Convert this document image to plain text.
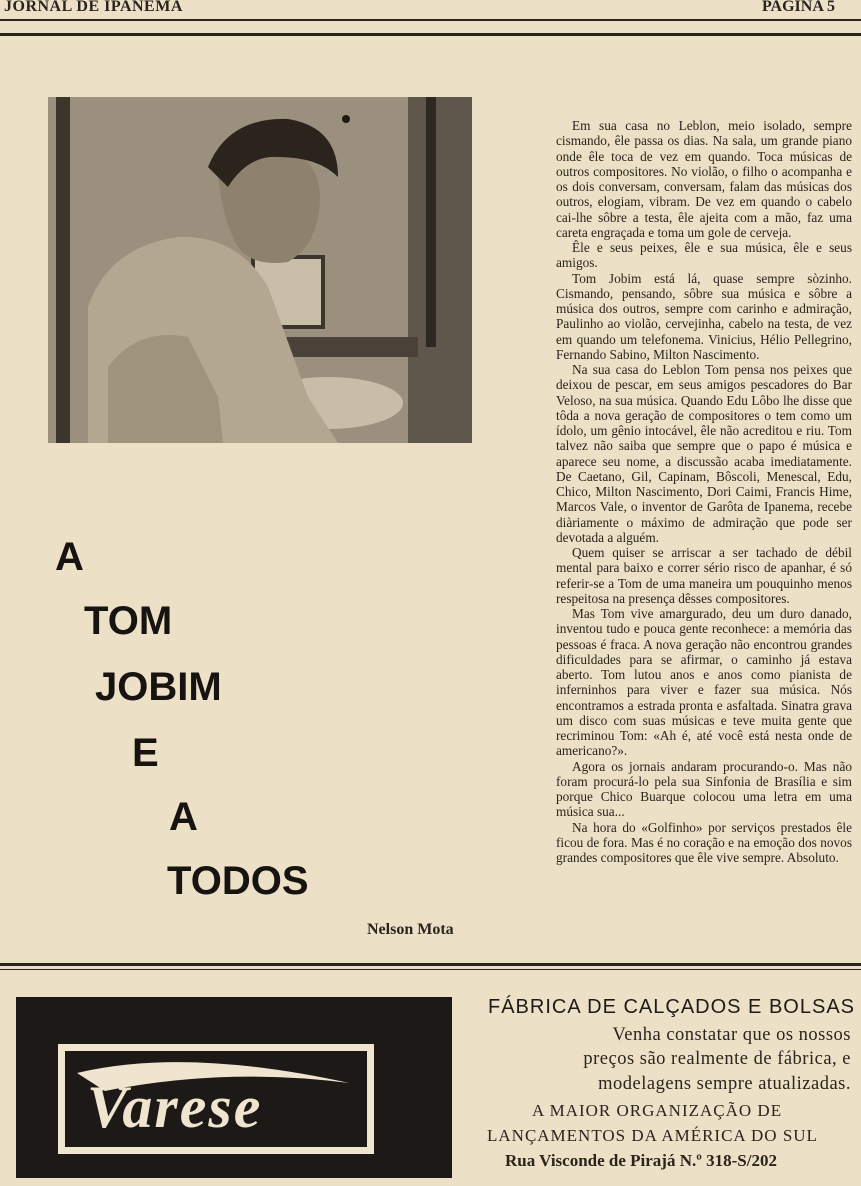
JORNAL DE IPANEMA	PAGINA 5
A
TOM
JOBIM
E
A
TODOS
Nelson Mota

Em sua casa no Leblon, meio isolado, sempre cismando, êle passa os dias. Na sala, um grande piano onde êle toca de vez em quando. Toca músicas de outros compositores. No violão, o filho o acompanha e os dois conversam, conversam, falam das músicas dos outros, elogiam, vibram. De vez em quando o cabelo cai-lhe sôbre a testa, êle ajeita com a mão, faz uma careta engraçada e toma um gole de cerveja.

Êle e seus peixes, êle e sua música, êle e seus amigos.

Tom Jobim está lá, quase sempre sòzinho. Cismando, pensando, sôbre sua música e sôbre a música dos outros, sempre com carinho e admiração, Paulinho ao violão, cervejinha, cabelo na testa, de vez em quando um telefonema. Vinicius, Hélio Pellegrino, Fernando Sabino, Milton Nascimento.

Na sua casa do Leblon Tom pensa nos peixes que deixou de pescar, em seus amigos pescadores do Bar Veloso, na sua música. Quando Edu Lôbo lhe disse que tôda a nova geração de compositores o tem como um ídolo, um gênio intocável, êle não acreditou e riu. Tom talvez não saiba que sempre que o papo é música e aparece seu nome, a discussão acaba imediatamente. De Caetano, Gil, Capinam, Bôscoli, Menescal, Edu, Chico, Milton Nascimento, Dori Caimi, Francis Hime, Marcos Vale, o inventor de Garôta de Ipanema, recebe diàriamente o máximo de admiração que pode ser devotada a alguém.

Quem quiser se arriscar a ser tachado de débil mental para baixo e correr sério risco de apanhar, é só referir-se a Tom de uma maneira um pouquinho menos respeitosa na presença dêsses compositores.

Mas Tom vive amargurado, deu um duro danado, inventou tudo e pouca gente reconhece: a memória das pessoas é fraca. A nova geração não encontrou grandes dificuldades para se afirmar, o caminho já estava aberto. Tom lutou anos e anos como pianista de inferninhos para viver e fazer sua música. Nós encontramos a estrada pronta e asfaltada. Sinatra grava um disco com suas músicas e teve muita gente que recriminou Tom: «Ah é, até você está nesta onde de americano?».

Agora os jornais andaram procurando-o. Mas não foram procurá-lo pela sua Sinfonia de Brasília e sim porque Chico Buarque colocou uma letra em uma música sua...

Na hora do «Golfinho» por serviços prestados êle ficou de fora. Mas é no coração e na emoção dos novos grandes compositores que êle vive sempre. Absoluto.

Varese
FÁBRICA DE CALÇADOS E BOLSAS
Venha constatar que os nossos
preços são realmente de fábrica, e
modelagens sempre atualizadas.
A MAIOR ORGANIZAÇÃO DE
LANÇAMENTOS DA AMÉRICA DO SUL
Rua Visconde de Pirajá N.º 318-S/202
